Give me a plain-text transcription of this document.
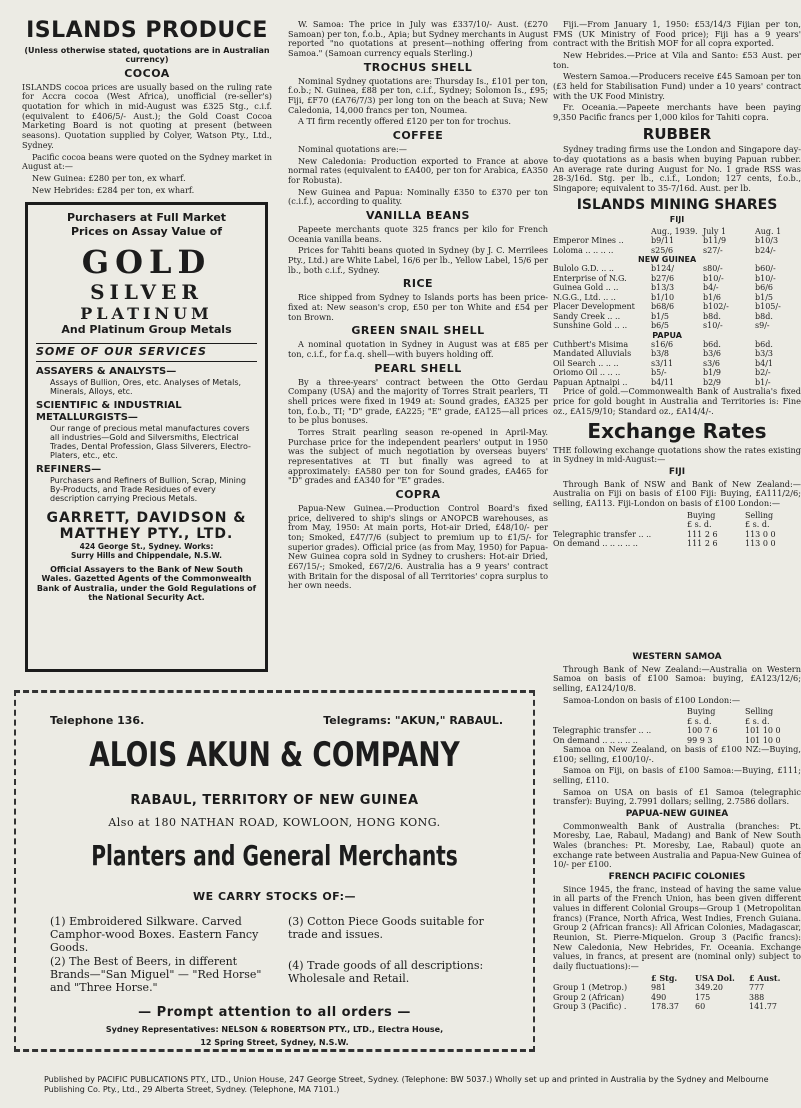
ISLANDS PRODUCE
(Unless otherwise stated, quotations are in Australian currency)
COCOA

ISLANDS cocoa prices are usually based on the ruling rate for Accra cocoa (West Africa), unofficial (re-seller's) quotation for which in mid-August was £325 Stg., c.i.f. (equivalent to £406/5/- Aust.); the Gold Coast Cocoa Marketing Board is not quoting at present (between seasons). Quotation supplied by Colyer, Watson Pty., Ltd., Sydney.

Pacific cocoa beans were quoted on the Sydney market in August at:—

New Guinea: £280 per ton, ex wharf.

New Hebrides: £284 per ton, ex wharf.

Purchasers at Full Market
Prices on Assay Value of
GOLD
SILVER
PLATINUM
And Platinum Group Metals
SOME OF OUR SERVICES
ASSAYERS & ANALYSTS—
Assays of Bullion, Ores, etc. Analyses of Metals, Minerals, Alloys, etc.
SCIENTIFIC & INDUSTRIAL METALLURGISTS—
Our range of precious metal manufactures covers all industries—Gold and Silversmiths, Electrical Trades, Dental Profession, Glass Silverers, Electro-Platers, etc., etc.
REFINERS—
Purchasers and Refiners of Bullion, Scrap, Mining By-Products, and Trade Residues of every description carrying Precious Metals.
GARRETT, DAVIDSON &
MATTHEY PTY., LTD.
424 George St., Sydney. Works:
Surry Hills and Chippendale, N.S.W.
Official Assayers to the Bank of New South Wales. Gazetted Agents of the Commonwealth Bank of Australia, under the Gold Regulations of the National Security Act.

W. Samoa: The price in July was £337/10/- Aust. (£270 Samoan) per ton, f.o.b., Apia; but Sydney merchants in August reported "no quotations at present—nothing offering from Samoa." (Samoan currency equals Sterling.)

TROCHUS SHELL

Nominal Sydney quotations are: Thursday Is., £101 per ton, f.o.b.; N. Guinea, £88 per ton, c.i.f., Sydney; Solomon Is., £95; Fiji, £F70 (£A76/7/3) per long ton on the beach at Suva; New Caledonia, 14,000 francs per ton, Noumea.

A TI firm recently offered £120 per ton for trochus.

COFFEE

Nominal quotations are:—

New Caledonia: Production exported to France at above normal rates (equivalent to £A400, per ton for Arabica, £A350 for Robusta).

New Guinea and Papua: Nominally £350 to £370 per ton (c.i.f.), according to quality.

VANILLA BEANS

Papeete merchants quote 325 francs per kilo for French Oceania vanilla beans.

Prices for Tahiti beans quoted in Sydney (by J. C. Merrilees Pty., Ltd.) are White Label, 16/6 per lb., Yellow Label, 15/6 per lb., both c.i.f., Sydney.

RICE

Rice shipped from Sydney to Islands ports has been price-fixed at: New season's crop, £50 per ton White and £54 per ton Brown.

GREEN SNAIL SHELL

A nominal quotation in Sydney in August was at £85 per ton, c.i.f., for f.a.q. shell—with buyers holding off.

PEARL SHELL

By a three-years' contract between the Otto Gerdau Company (USA) and the majority of Torres Strait pearlers, TI shell prices were fixed in 1949 at: Sound grades, £A325 per ton, f.o.b., TI; "D" grade, £A225; "E" grade, £A125—all prices to be plus bonuses.

Torres Strait pearling season re-opened in April-May. Purchase price for the independent pearlers' output in 1950 was the subject of much negotiation by overseas buyers' representatives at TI but finally was agreed to at approximately: £A580 per ton for Sound grades, £A465 for "D" grades and £A340 for "E" grades.

COPRA

Papua-New Guinea.—Production Control Board's fixed price, delivered to ship's slings or ANOPCB warehouses, as from May, 1950: At main ports, Hot-air Dried, £48/10/- per ton; Smoked, £47/7/6 (subject to premium up to £1/5/- for superior grades). Official price (as from May, 1950) for Papua-New Guinea copra sold in Sydney to crushers: Hot-air Dried, £67/15/-; Smoked, £67/2/6. Australia has a 9 years' contract with Britain for the disposal of all Territories' copra surplus to her own needs.

Fiji.—From January 1, 1950: £53/14/3 Fijian per ton, FMS (UK Ministry of Food price); Fiji has a 9 years' contract with the British MOF for all copra exported.

New Hebrides.—Price at Vila and Santo: £53 Aust. per ton.

Western Samoa.—Producers receive £45 Samoan per ton (£3 held for Stabilisation Fund) under a 10 years' contract with the UK Food Ministry.

Fr. Oceania.—Papeete merchants have been paying 9,350 Pacific francs per 1,000 kilos for Tahiti copra.

RUBBER

Sydney trading firms use the London and Singapore day-to-day quotations as a basis when buying Papuan rubber. An average rate during August for No. 1 grade RSS was 28-3/16d. Stg. per lb., c.i.f., London; 127 cents, f.o.b., Singapore; equivalent to 35-7/16d. Aust. per lb.

ISLANDS MINING SHARES
FIJI
	Aug., 1939.	July 1	Aug. 1
Emperor Mines ..	b9/11	b11/9	b10/3
Loloma .. .. .. ..	s25/6	s27/-	b24/-
NEW GUINEA			
Bulolo G.D. .. ..	b124/	s80/-	b60/-
Enterprise of N.G.	b27/6	b10/-	b10/-
Guinea Gold .. ..	b13/3	b4/-	b6/6
N.G.G., Ltd. .. ..	b1/10	b1/6	b1/5
Placer Development	b68/6	b102/-	b105/-
Sandy Creek .. ..	b1/5	b8d.	b8d.
Sunshine Gold .. ..	b6/5	s10/-	s9/-
PAPUA			
Cuthbert's Misima	s16/6	b6d.	b6d.
Mandated Alluvials	b3/8	b3/6	b3/3
Oil Search .. .. ..	s3/11	s3/6	b4/1
Oriomo Oil .. .. ..	b5/-	b1/9	b2/-
Papuan Aptnaipi ..	b4/11	b2/9	b1/-

Price of gold.—Commonwealth Bank of Australia's fixed price for gold bought in Australia and Territories is: Fine oz., £A15/9/10; Standard oz., £A14/4/-.

Exchange Rates

THE following exchange quotations show the rates existing in Sydney in mid-August:—

FIJI

Through Bank of NSW and Bank of New Zealand:—Australia on Fiji on basis of £100 Fiji: Buying, £A111/2/6; selling, £A113. Fiji-London on basis of £100 London:—

	Buying	Selling
	£ s. d.	£ s. d.
Telegraphic transfer .. ..	111 2 6	113 0 0
On demand .. .. .. .. ..	111 2 6	113 0 0
WESTERN SAMOA

Through Bank of New Zealand:—Australia on Western Samoa on basis of £100 Samoa: buying, £A123/12/6; selling, £A124/10/8.

Samoa-London on basis of £100 London:—

	Buying	Selling
	£ s. d.	£ s. d.
Telegraphic transfer .. ..	100 7 6	101 10 0
On demand .. .. .. .. ..	99 9 3	101 10 0

Samoa on New Zealand, on basis of £100 NZ:—Buying, £100; selling, £100/10/-.

Samoa on Fiji, on basis of £100 Samoa:—Buying, £111; selling, £110.

Samoa on USA on basis of £1 Samoa (telegraphic transfer): Buying, 2.7991 dollars; selling, 2.7586 dollars.

PAPUA-NEW GUINEA

Commonwealth Bank of Australia (branches: Pt. Moresby, Lae, Rabaul, Madang) and Bank of New South Wales (branches: Pt. Moresby, Lae, Rabaul) quote an exchange rate between Australia and Papua-New Guinea of 10/- per £100.

FRENCH PACIFIC COLONIES

Since 1945, the franc, instead of having the same value in all parts of the French Union, has been given different values in different Colonial Groups—Group 1 (Metropolitan francs) (France, North Africa, West Indies, French Guiana. Group 2 (African francs): All African Colonies, Madagascar, Reunion, St. Pierre-Miquelon. Group 3 (Pacific francs): New Caledonia, New Hebrides, Fr. Oceania. Exchange values, in francs, at present are (nominal only) subject to daily fluctuations):—

	£ Stg.	USA Dol.	£ Aust.
Group 1 (Metrop.)	981	349.20	777
Group 2 (African)	490	175	388
Group 3 (Pacific) .	178.37	60	141.77
Telephone 136.	Telegrams: "AKUN," RABAUL.
ALOIS AKUN & COMPANY
RABAUL, TERRITORY OF NEW GUINEA
Also at 180 NATHAN ROAD, KOWLOON, HONG KONG.
Planters and General Merchants
WE CARRY STOCKS OF:—
(1) Embroidered Silkware. Carved Camphor-wood Boxes. Eastern Fancy Goods.
(2) The Best of Beers, in different Brands—"San Miguel" — "Red Horse" and "Three Horse."
(3) Cotton Piece Goods suitable for trade and issues.
(4) Trade goods of all descriptions: Wholesale and Retail.
— Prompt attention to all orders —
Sydney Representatives: NELSON & ROBERTSON PTY., LTD., Electra House,
12 Spring Street, Sydney, N.S.W.
Published by PACIFIC PUBLICATIONS PTY., LTD., Union House, 247 George Street, Sydney. (Telephone: BW 5037.) Wholly set up and printed in Australia by the Sydney and Melbourne Publishing Co. Pty., Ltd., 29 Alberta Street, Sydney. (Telephone, MA 7101.)
